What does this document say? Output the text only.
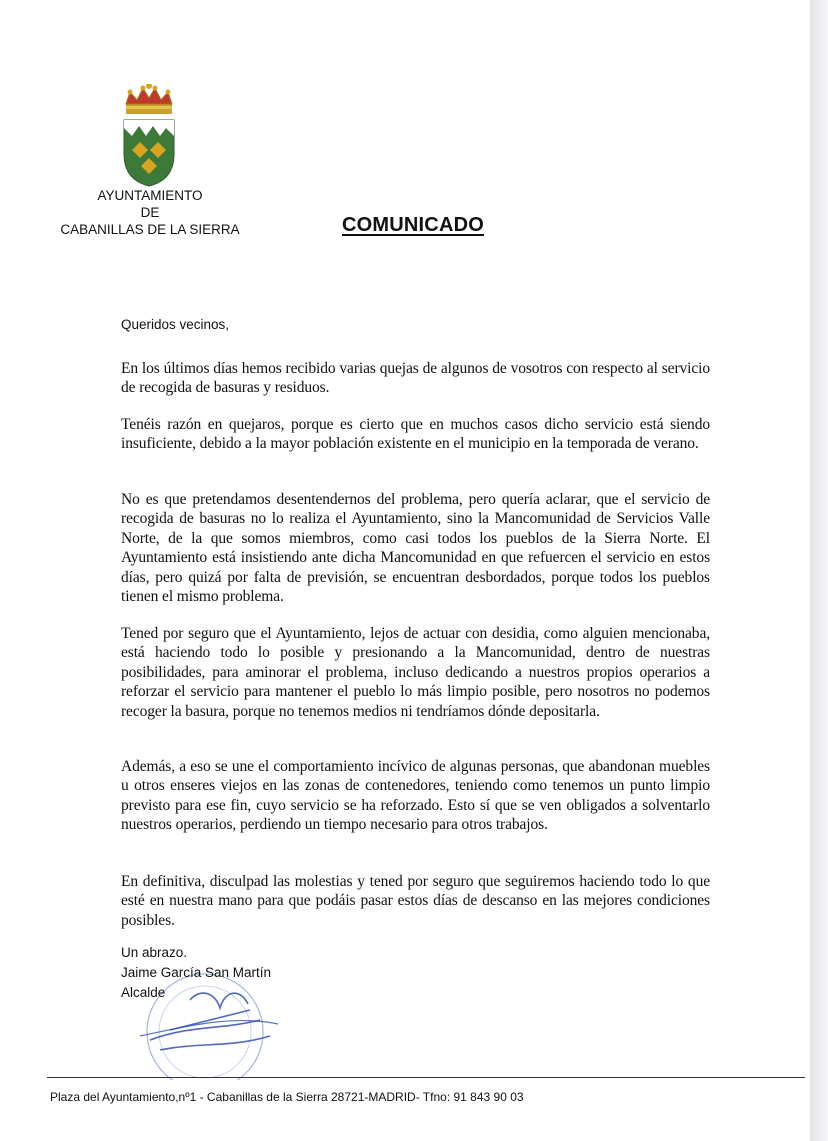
AYUNTAMIENTO
DE
CABANILLAS DE LA SIERRA	COMUNICADO
Queridos vecinos,

En los últimos días hemos recibido varias quejas de algunos de vosotros con respecto al servicio de recogida de basuras y residuos.

Tenéis razón en quejaros, porque es cierto que en muchos casos dicho servicio está siendo insuficiente, debido a la mayor población existente en el municipio en la temporada de verano.

No es que pretendamos desentendernos del problema, pero quería aclarar, que el servicio de recogida de basuras no lo realiza el Ayuntamiento, sino la Mancomunidad de Servicios Valle Norte, de la que somos miembros, como casi todos los pueblos de la Sierra Norte. El Ayuntamiento está insistiendo ante dicha Mancomunidad en que refuercen el servicio en estos días, pero quizá por falta de previsión, se encuentran desbordados, porque todos los pueblos tienen el mismo problema.

Tened por seguro que el Ayuntamiento, lejos de actuar con desidia, como alguien mencionaba, está haciendo todo lo posible y presionando a la Mancomunidad, dentro de nuestras posibilidades, para aminorar el problema, incluso dedicando a nuestros propios operarios a reforzar el servicio para mantener el pueblo lo más limpio posible, pero nosotros no podemos recoger la basura, porque no tenemos medios ni tendríamos dónde depositarla.

Además, a eso se une el comportamiento incívico de algunas personas, que abandonan muebles u otros enseres viejos en las zonas de contenedores, teniendo como tenemos un punto limpio previsto para ese fin, cuyo servicio se ha reforzado. Esto sí que se ven obligados a solventarlo nuestros operarios, perdiendo un tiempo necesario para otros trabajos.

En definitiva, disculpad las molestias y tened por seguro que seguiremos haciendo todo lo que esté en nuestra mano para que podáis pasar estos días de descanso en las mejores condiciones posibles.

Un abrazo.
Jaime García San Martín
Alcalde
Plaza del Ayuntamiento,nº1 - Cabanillas de la Sierra 28721-MADRID- Tfno: 91 843 90 03
